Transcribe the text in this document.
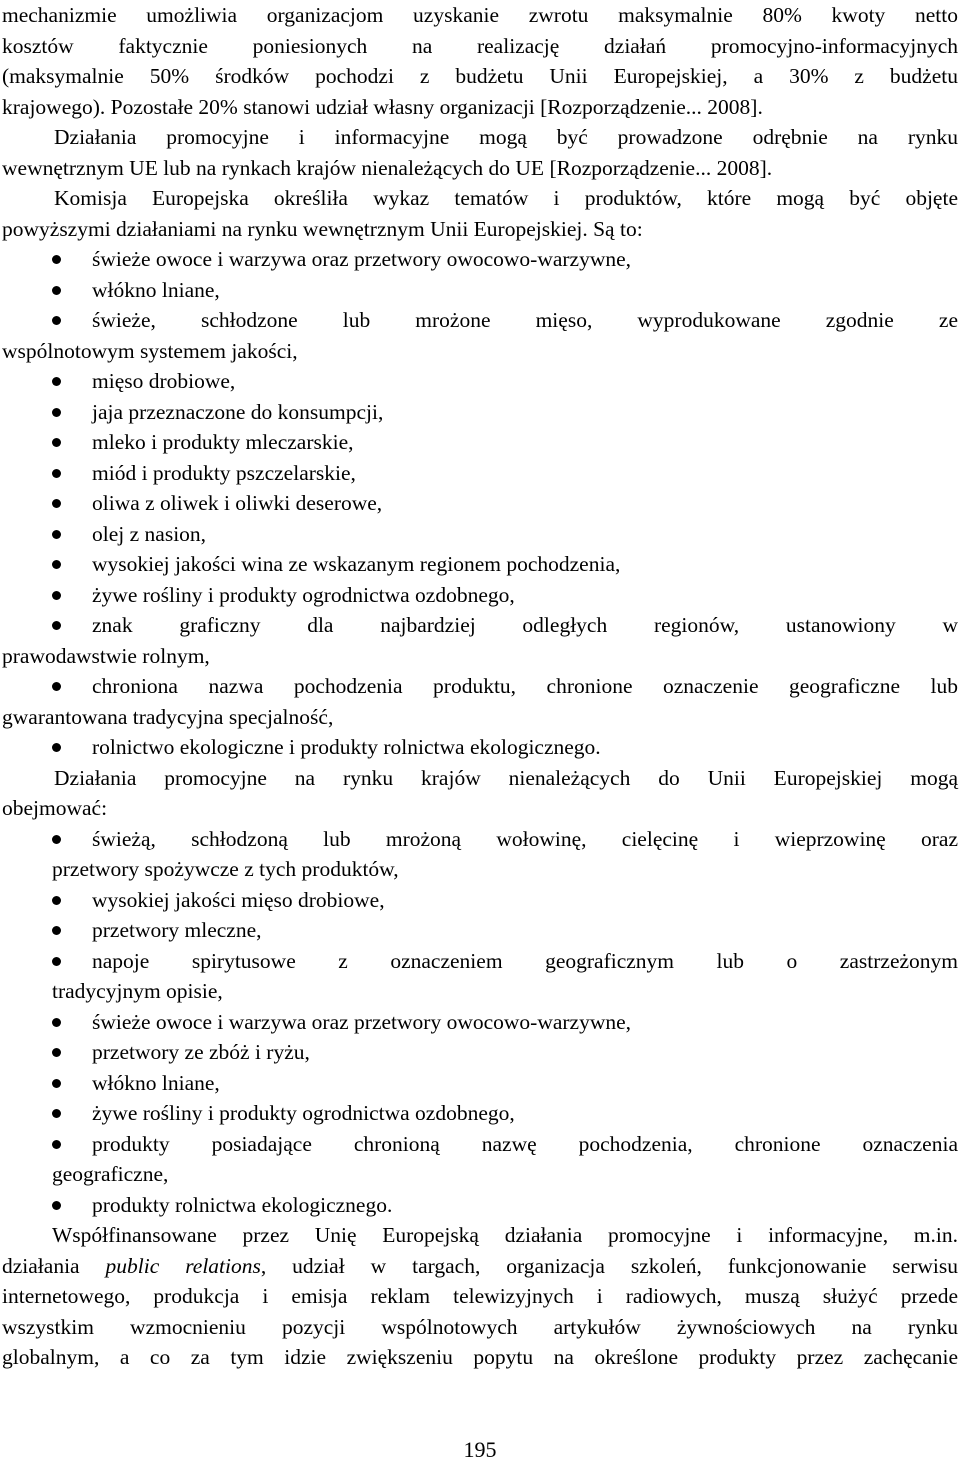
mechanizmie umożliwia organizacjom uzyskanie zwrotu maksymalnie 80% kwoty netto
kosztów faktycznie poniesionych na realizację działań promocyjno-informacyjnych
(maksymalnie 50% środków pochodzi z budżetu Unii Europejskiej, a 30% z budżetu
krajowego). Pozostałe 20% stanowi udział własny organizacji [Rozporządzenie... 2008].
Działania promocyjne i informacyjne mogą być prowadzone odrębnie na rynku
wewnętrznym UE lub na rynkach krajów nienależących do UE [Rozporządzenie... 2008].
Komisja Europejska określiła wykaz tematów i produktów, które mogą być objęte
powyższymi działaniami na rynku wewnętrznym Unii Europejskiej. Są to:
świeże owoce i warzywa oraz przetwory owocowo-warzywne,
włókno lniane,
świeże, schłodzone lub mrożone mięso, wyprodukowane zgodnie ze
wspólnotowym systemem jakości,
mięso drobiowe,
jaja przeznaczone do konsumpcji,
mleko i produkty mleczarskie,
miód i produkty pszczelarskie,
oliwa z oliwek i oliwki deserowe,
olej z nasion,
wysokiej jakości wina ze wskazanym regionem pochodzenia,
żywe rośliny i produkty ogrodnictwa ozdobnego,
znak graficzny dla najbardziej odległych regionów, ustanowiony w
prawodawstwie rolnym,
chroniona nazwa pochodzenia produktu, chronione oznaczenie geograficzne lub
gwarantowana tradycyjna specjalność,
rolnictwo ekologiczne i produkty rolnictwa ekologicznego.
Działania promocyjne na rynku krajów nienależących do Unii Europejskiej mogą
obejmować:
świeżą, schłodzoną lub mrożoną wołowinę, cielęcinę i wieprzowinę oraz
przetwory spożywcze z tych produktów,
wysokiej jakości mięso drobiowe,
przetwory mleczne,
napoje spirytusowe z oznaczeniem geograficznym lub o zastrzeżonym
tradycyjnym opisie,
świeże owoce i warzywa oraz przetwory owocowo-warzywne,
przetwory ze zbóż i ryżu,
włókno lniane,
żywe rośliny i produkty ogrodnictwa ozdobnego,
produkty posiadające chronioną nazwę pochodzenia, chronione oznaczenia
geograficzne,
produkty rolnictwa ekologicznego.
Współfinansowane przez Unię Europejską działania promocyjne i informacyjne, m.in.
działania public relations, udział w targach, organizacja szkoleń, funkcjonowanie serwisu
internetowego, produkcja i emisja reklam telewizyjnych i radiowych, muszą służyć przede
wszystkim wzmocnieniu pozycji wspólnotowych artykułów żywnościowych na rynku
globalnym, a co za tym idzie zwiększeniu popytu na określone produkty przez zachęcanie
195
